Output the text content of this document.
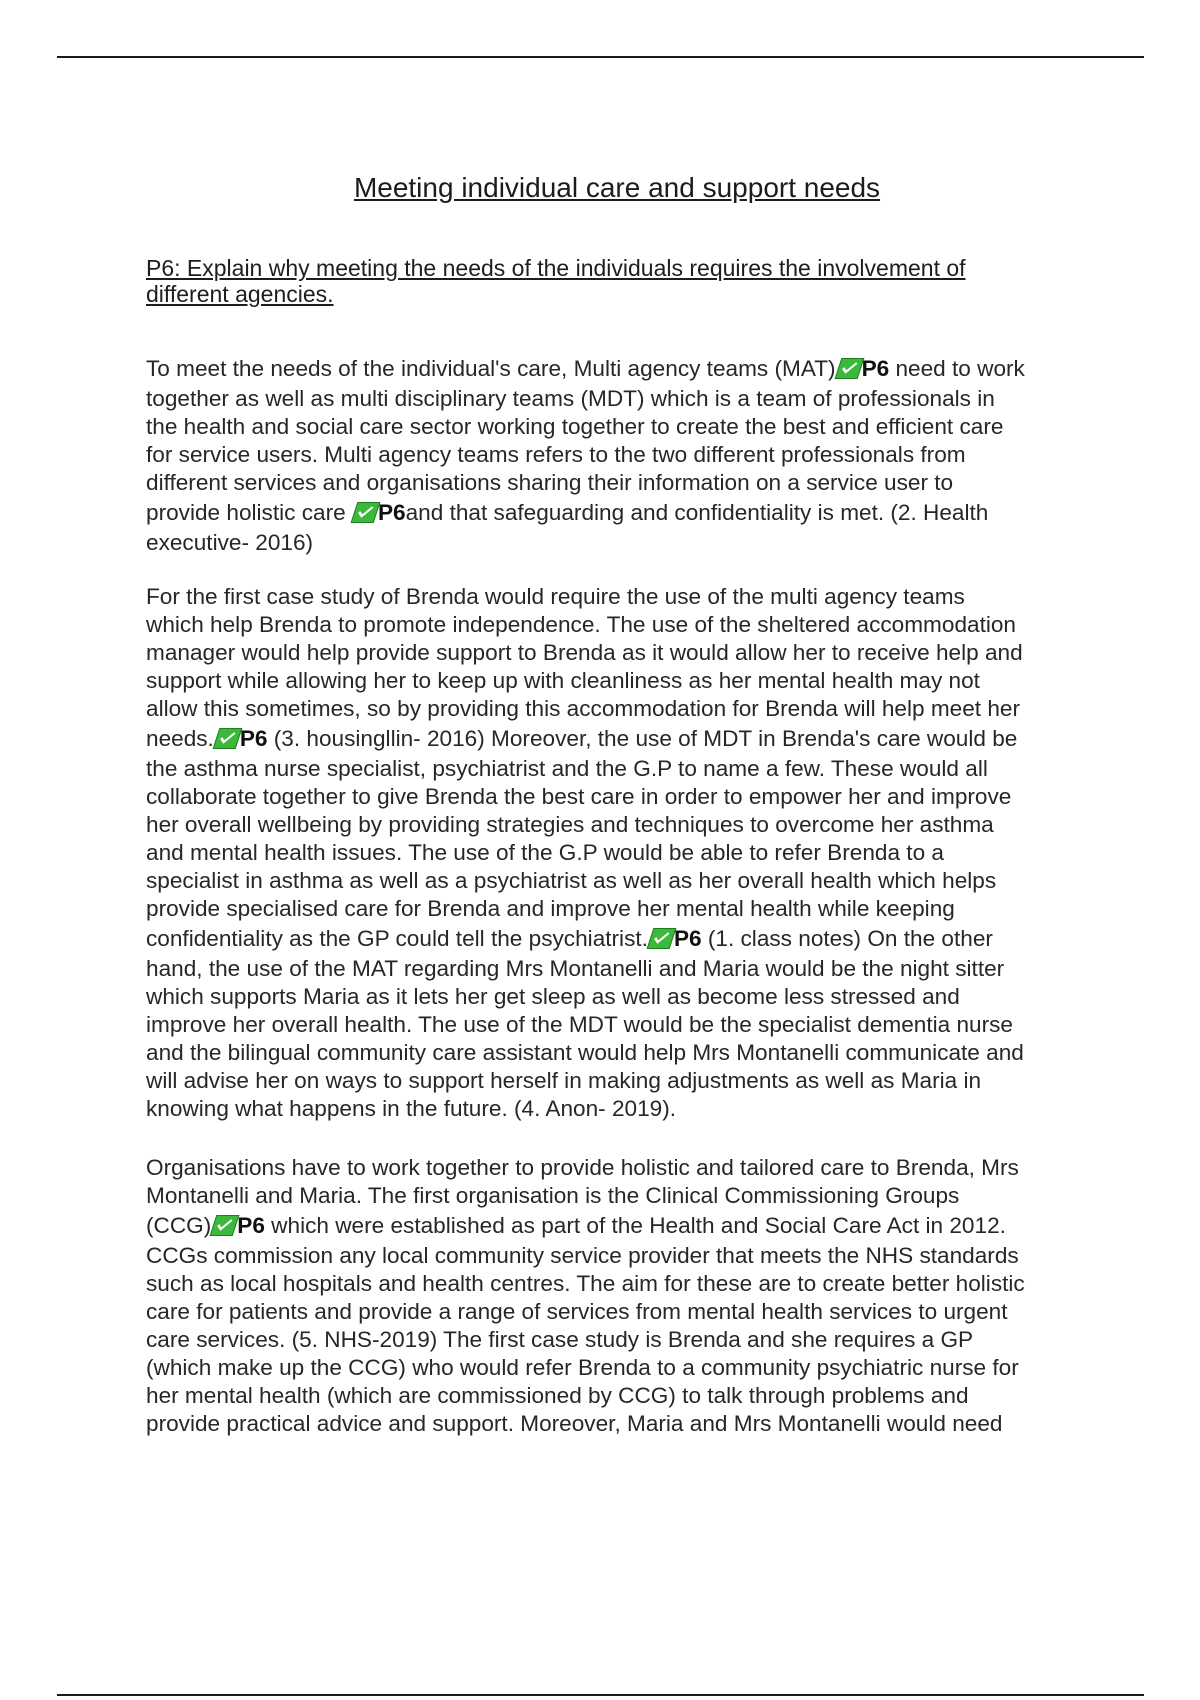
Meeting individual care and support needs
P6: Explain why meeting the needs of the individuals requires the involvement of
different agencies.
To meet the needs of the individual's care, Multi agency teams (MAT) P6 need to work
together as well as multi disciplinary teams (MDT) which is a team of professionals in
the health and social care sector working together to create the best and efficient care
for service users. Multi agency teams refers to the two different professionals from
different services and organisations sharing their information on a service user to
provide holistic care
P6and that safeguarding and confidentiality is met. (2. Health
executive- 2016)
For the first case study of Brenda would require the use of the multi agency teams
which help Brenda to promote independence. The use of the sheltered accommodation
manager would help provide support to Brenda as it would allow her to receive help and
support while allowing her to keep up with cleanliness as her mental health may not
allow this sometimes, so by providing this accommodation for Brenda will help meet her
needs. P6 (3. housingllin- 2016) Moreover, the use of MDT in Brenda's care would be
the asthma nurse specialist, psychiatrist and the G.P to name a few. These would all
collaborate together to give Brenda the best care in order to empower her and improve
her overall wellbeing by providing strategies and techniques to overcome her asthma
and mental health issues. The use of the G.P would be able to refer Brenda to a
specialist in asthma as well as a psychiatrist as well as her overall health which helps
provide specialised care for Brenda and improve her mental health while keeping
confidentiality as the GP could tell the psychiatrist. P6 (1. class notes) On the other
hand, the use of the MAT regarding Mrs Montanelli and Maria would be the night sitter
which supports Maria as it lets her get sleep as well as become less stressed and
improve her overall health. The use of the MDT would be the specialist dementia nurse
and the bilingual community care assistant would help Mrs Montanelli communicate and
will advise her on ways to support herself in making adjustments as well as Maria in
knowing what happens in the future. (4. Anon- 2019).
Organisations have to work together to provide holistic and tailored care to Brenda, Mrs
Montanelli and Maria. The first organisation is the Clinical Commissioning Groups
(CCG) P6 which were established as part of the Health and Social Care Act in 2012.
CCGs commission any local community service provider that meets the NHS standards
such as local hospitals and health centres. The aim for these are to create better holistic
care for patients and provide a range of services from mental health services to urgent
care services. (5. NHS-2019) The first case study is Brenda and she requires a GP
(which make up the CCG) who would refer Brenda to a community psychiatric nurse for
her mental health (which are commissioned by CCG) to talk through problems and
provide practical advice and support. Moreover, Maria and Mrs Montanelli would need
